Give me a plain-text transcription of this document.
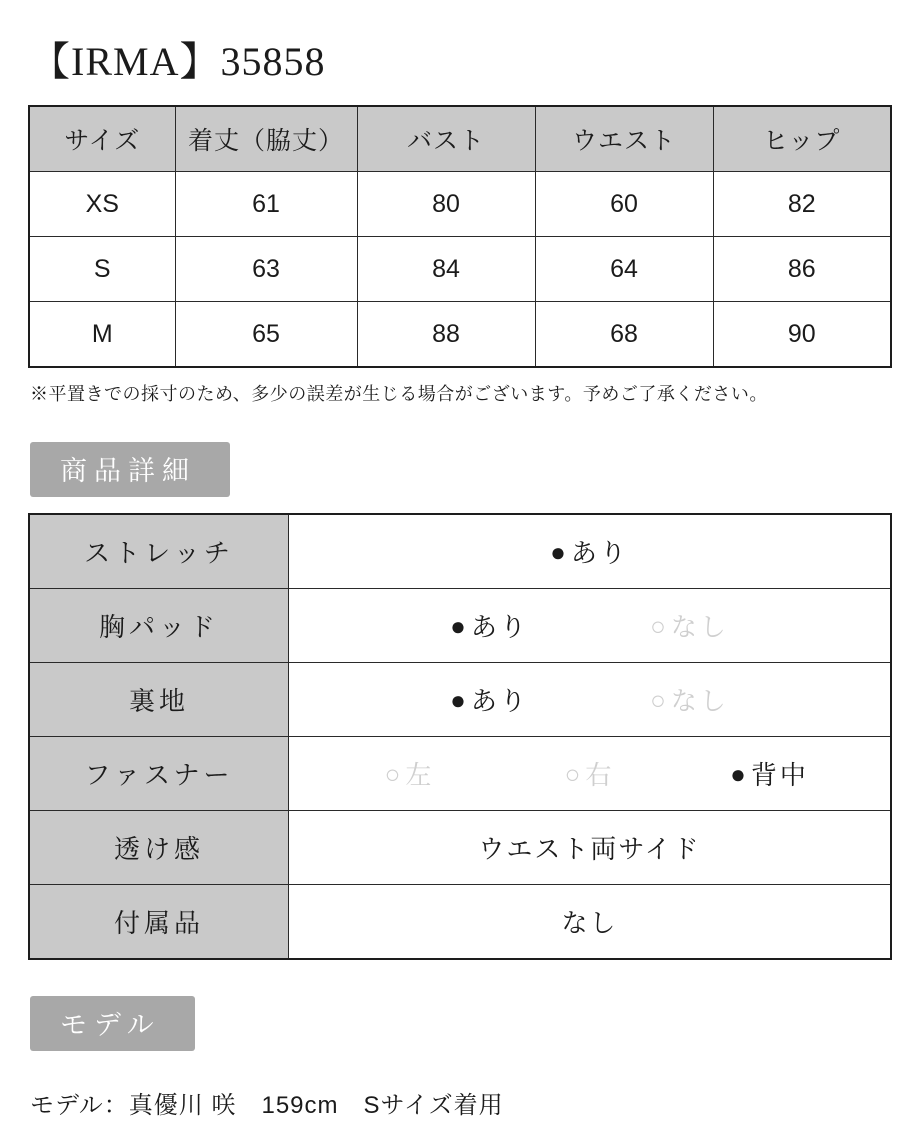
【IRMA】35858
サイズ	着丈（脇丈）	バスト	ウエスト	ヒップ
XS	61	80	60	82
S	63	84	64	86
M	65	88	68	90
※平置きでの採寸のため、多少の誤差が生じる場合がございます。予めご了承ください。
商品詳細
ストレッチ	● あり

胸パッド	● あり ○ なし

裏地	● あり ○ なし

ファスナー	○ 左	○ 右	● 背中

透け感	ウエスト両サイド

付属品	なし
モデル
モデル：真優川 咲　159cm　Sサイズ着用
